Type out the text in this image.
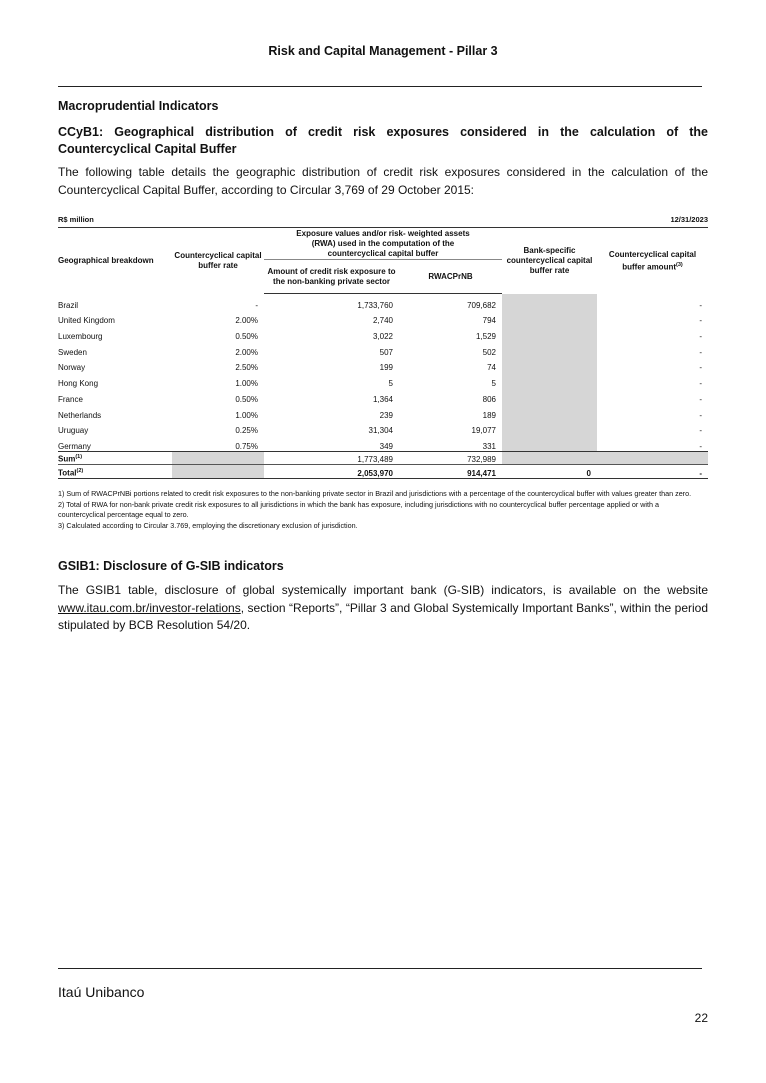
Risk and Capital Management - Pillar 3
Macroprudential Indicators
CCyB1: Geographical distribution of credit risk exposures considered in the calculation of the Countercyclical Capital Buffer
The following table details the geographic distribution of credit risk exposures considered in the calculation of the Countercyclical Capital Buffer, according to Circular 3,769 of 29 October 2015:
R$ million	12/31/2023
Geographical breakdown	Countercyclical capital buffer rate	Exposure values and/or risk- weighted assets (RWA) used in the computation of the countercyclical capital buffer		Bank-specific countercyclical capital buffer rate	Countercyclical capital buffer amount$^{(3)}$
		Amount of credit risk exposure to the non-banking private sector	RWACPrNB		
Brazil	-	1,733,760	709,682		-
United Kingdom	2.00%	2,740	794		-
Luxembourg	0.50%	3,022	1,529		-
Sweden	2.00%	507	502		-
Norway	2.50%	199	74		-
Hong Kong	1.00%	5	5		-
France	0.50%	1,364	806		-
Netherlands	1.00%	239	189		-
Uruguay	0.25%	31,304	19,077		-
Germany	0.75%	349	331		-
Sum$^{(1)}$		1,773,489	732,989		
Total$^{(2)}$		2,053,970	914,471	0	-
1) Sum of RWACPrNBi portions related to credit risk exposures to the non-banking private sector in Brazil and jurisdictions with a percentage of the countercyclical buffer with values greater than zero.
2) Total of RWA for non-bank private credit risk exposures to all jurisdictions in which the bank has exposure, including jurisdictions with no countercyclical buffer percentage applied or with a countercyclical percentage equal to zero.
3) Calculated according to Circular 3.769, employing the discretionary exclusion of jurisdiction.
GSIB1: Disclosure of G-SIB indicators
The GSIB1 table, disclosure of global systemically important bank (G-SIB) indicators, is available on the website www.itau.com.br/investor-relations, section “Reports”, “Pillar 3 and Global Systemically Important Banks”, within the period stipulated by BCB Resolution 54/20.
Itaú Unibanco
22
